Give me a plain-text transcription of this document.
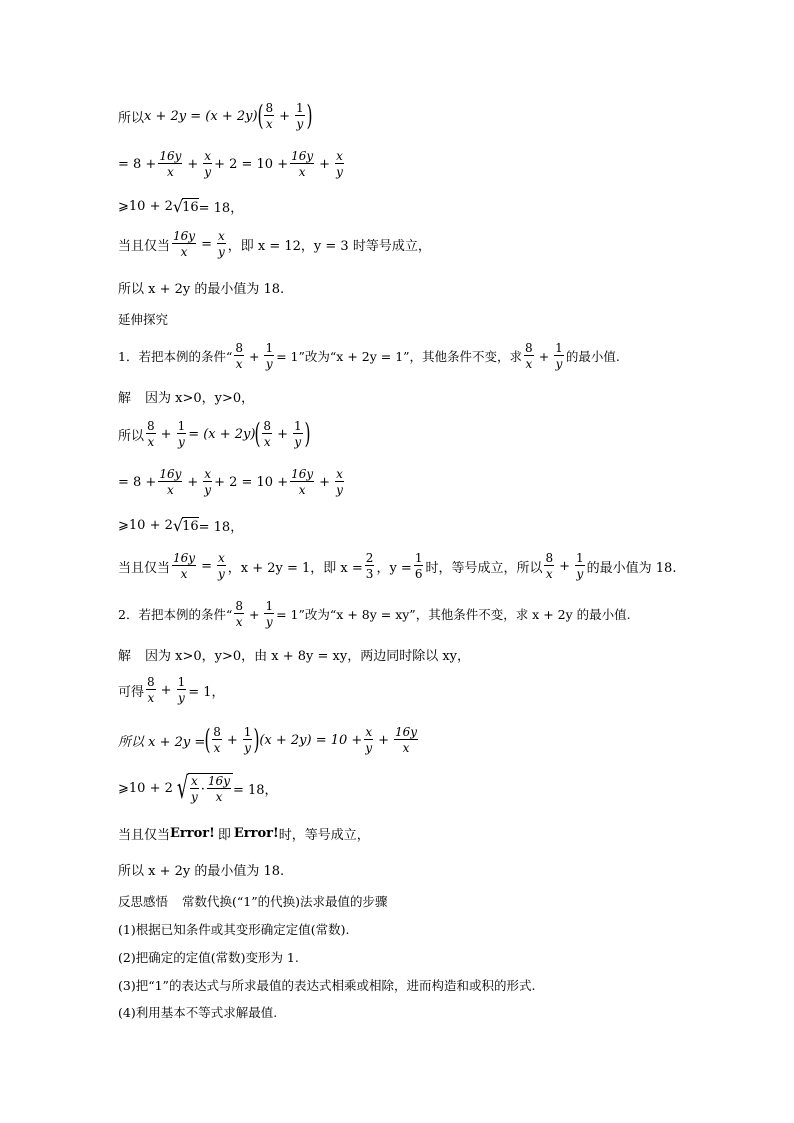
所以 x + 2y = (x + 2y) ( $\frac{8}{x} + \frac{1}{y}$ )
= $8 + \frac{16y}{x} + \frac{x}{y} + 2 = 10 + \frac{16y}{x} + \frac{x}{y}$
⩾10 + 2 √ 16 = 18，
当且仅当 $\frac{16y}{x} = \frac{x}{y}$ ，即 x = 12，y = 3 时等号成立，
所以 x + 2y 的最小值为 18.
延伸探究
1．若把本例的条件“ $\frac{8}{x} + \frac{1}{y} = 1$”改为“x + 2y = 1”，其他条件不变，求 $\frac{8}{x} + \frac{1}{y}$ 的最小值.
解 因为 x>0，y>0，
所以 $\frac{8}{x} + \frac{1}{y} = (x + 2y)$ ( $\frac{8}{x} + \frac{1}{y}$ )
= $8 + \frac{16y}{x} + \frac{x}{y} + 2 = 10 + \frac{16y}{x} + \frac{x}{y}$
⩾10 + 2 √ 16 = 18，
当且仅当 $\frac{16y}{x} = \frac{x}{y}$ ，x + 2y = 1，即 $x = \frac{2}{3}$ ，$y = \frac{1}{6}$ 时，等号成立，所以 $\frac{8}{x} + \frac{1}{y}$ 的最小值为 18.
2．若把本例的条件“ $\frac{8}{x} + \frac{1}{y} = 1$”改为“x + 8y = xy”，其他条件不变，求 x + 2y 的最小值.
解 因为 x>0，y>0，由 x + 8y = xy，两边同时除以 xy，
可得 $\frac{8}{x} + \frac{1}{y} = 1$，
所以 x + 2y = ( $\frac{8}{x} + \frac{1}{y}$ ) $(x + 2y) = 10 + \frac{x}{y} + \frac{16y}{x}$
⩾10 + 2 √ $\frac{x}{y} \cdot \frac{16y}{x} = 18$，
当且仅当 Error! 即 Error! 时，等号成立，
所以 x + 2y 的最小值为 18.
反思感悟 常数代换(“1”的代换)法求最值的步骤
(1)根据已知条件或其变形确定定值(常数).
(2)把确定的定值(常数)变形为 1.
(3)把“1”的表达式与所求最值的表达式相乘或相除，进而构造和或积的形式.
(4)利用基本不等式求解最值.
